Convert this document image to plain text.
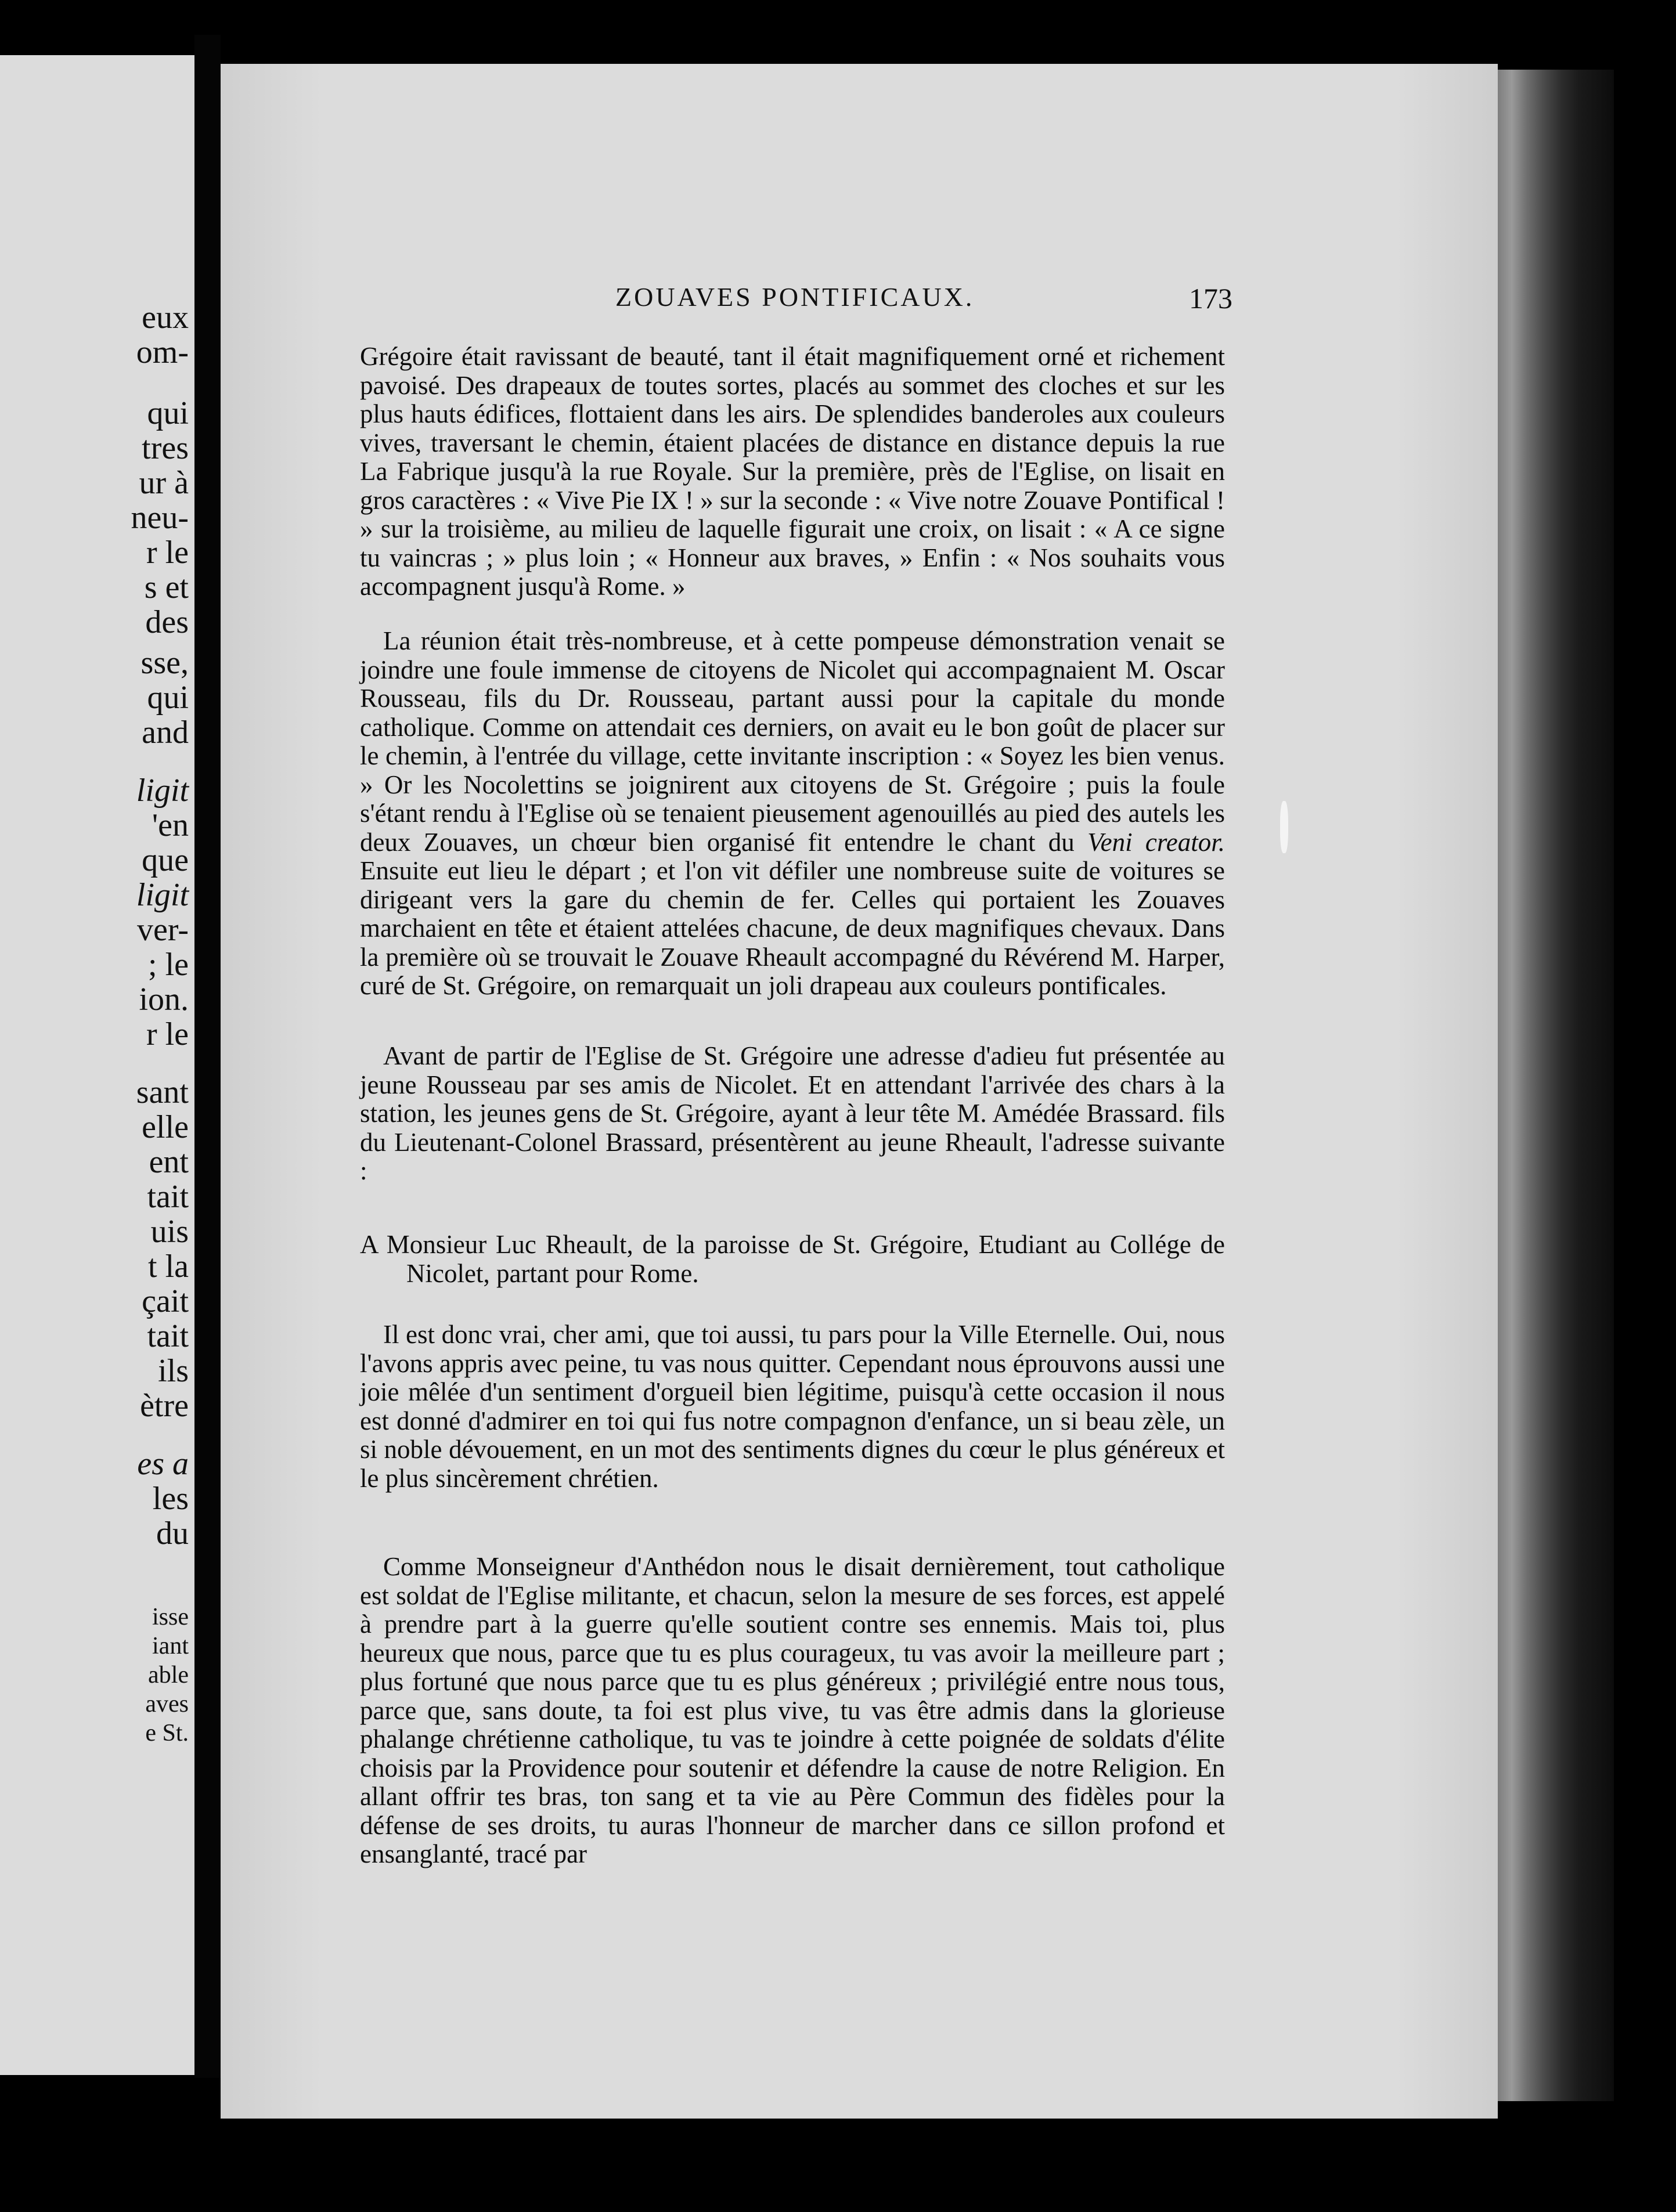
eux
om-
qui
tres
ur à
neu-
r le
s et
des
sse,
qui
and
ligit
'en
que
ligit
ver-
; le
ion.
r le
sant
elle
ent
tait
uis
t la
çait
tait
ils
ètre
es a
les
du
isse
iant
able
aves
e St.
ZOUAVES PONTIFICAUX.	173

Grégoire était ravissant de beauté, tant il était magnifiquement orné et richement pavoisé. Des drapeaux de toutes sortes, placés au sommet des cloches et sur les plus hauts édifices, flottaient dans les airs. De splendides banderoles aux couleurs vives, traversant le chemin, étaient placées de distance en distance depuis la rue La Fabrique jusqu'à la rue Royale. Sur la première, près de l'Eglise, on lisait en gros caractères : « Vive Pie IX ! » sur la seconde : « Vive notre Zouave Pontifical ! » sur la troisième, au milieu de laquelle figurait une croix, on lisait : « A ce signe tu vaincras ; » plus loin ; « Honneur aux braves, » Enfin : « Nos souhaits vous accompagnent jusqu'à Rome. »

La réunion était très-nombreuse, et à cette pompeuse démonstration venait se joindre une foule immense de citoyens de Nicolet qui accompagnaient M. Oscar Rousseau, fils du Dr. Rousseau, partant aussi pour la capitale du monde catholique. Comme on attendait ces derniers, on avait eu le bon goût de placer sur le chemin, à l'entrée du village, cette invitante inscription : « Soyez les bien venus. » Or les Nocolettins se joignirent aux citoyens de St. Grégoire ; puis la foule s'étant rendu à l'Eglise où se tenaient pieusement agenouillés au pied des autels les deux Zouaves, un chœur bien organisé fit entendre le chant du Veni creator. Ensuite eut lieu le départ ; et l'on vit défiler une nombreuse suite de voitures se dirigeant vers la gare du chemin de fer. Celles qui portaient les Zouaves marchaient en tête et étaient attelées chacune, de deux magnifiques chevaux. Dans la première où se trouvait le Zouave Rheault accompagné du Révérend M. Harper, curé de St. Grégoire, on remarquait un joli drapeau aux couleurs pontificales.

Avant de partir de l'Eglise de St. Grégoire une adresse d'adieu fut présentée au jeune Rousseau par ses amis de Nicolet. Et en attendant l'arrivée des chars à la station, les jeunes gens de St. Grégoire, ayant à leur tête M. Amédée Brassard. fils du Lieutenant-Colonel Brassard, présentèrent au jeune Rheault, l'adresse suivante :

A Monsieur Luc Rheault, de la paroisse de St. Grégoire, Etudiant au Collége de Nicolet, partant pour Rome.

Il est donc vrai, cher ami, que toi aussi, tu pars pour la Ville Eternelle. Oui, nous l'avons appris avec peine, tu vas nous quitter. Cependant nous éprouvons aussi une joie mêlée d'un sentiment d'orgueil bien légitime, puisqu'à cette occasion il nous est donné d'admirer en toi qui fus notre compagnon d'enfance, un si beau zèle, un si noble dévouement, en un mot des sentiments dignes du cœur le plus généreux et le plus sincèrement chrétien.

Comme Monseigneur d'Anthédon nous le disait dernièrement, tout catholique est soldat de l'Eglise militante, et chacun, selon la mesure de ses forces, est appelé à prendre part à la guerre qu'elle soutient contre ses ennemis. Mais toi, plus heureux que nous, parce que tu es plus courageux, tu vas avoir la meilleure part ; plus fortuné que nous parce que tu es plus généreux ; privilégié entre nous tous, parce que, sans doute, ta foi est plus vive, tu vas être admis dans la glorieuse phalange chrétienne catholique, tu vas te joindre à cette poignée de soldats d'élite choisis par la Providence pour soutenir et défendre la cause de notre Religion. En allant offrir tes bras, ton sang et ta vie au Père Commun des fidèles pour la défense de ses droits, tu auras l'honneur de marcher dans ce sillon profond et ensanglanté, tracé par
